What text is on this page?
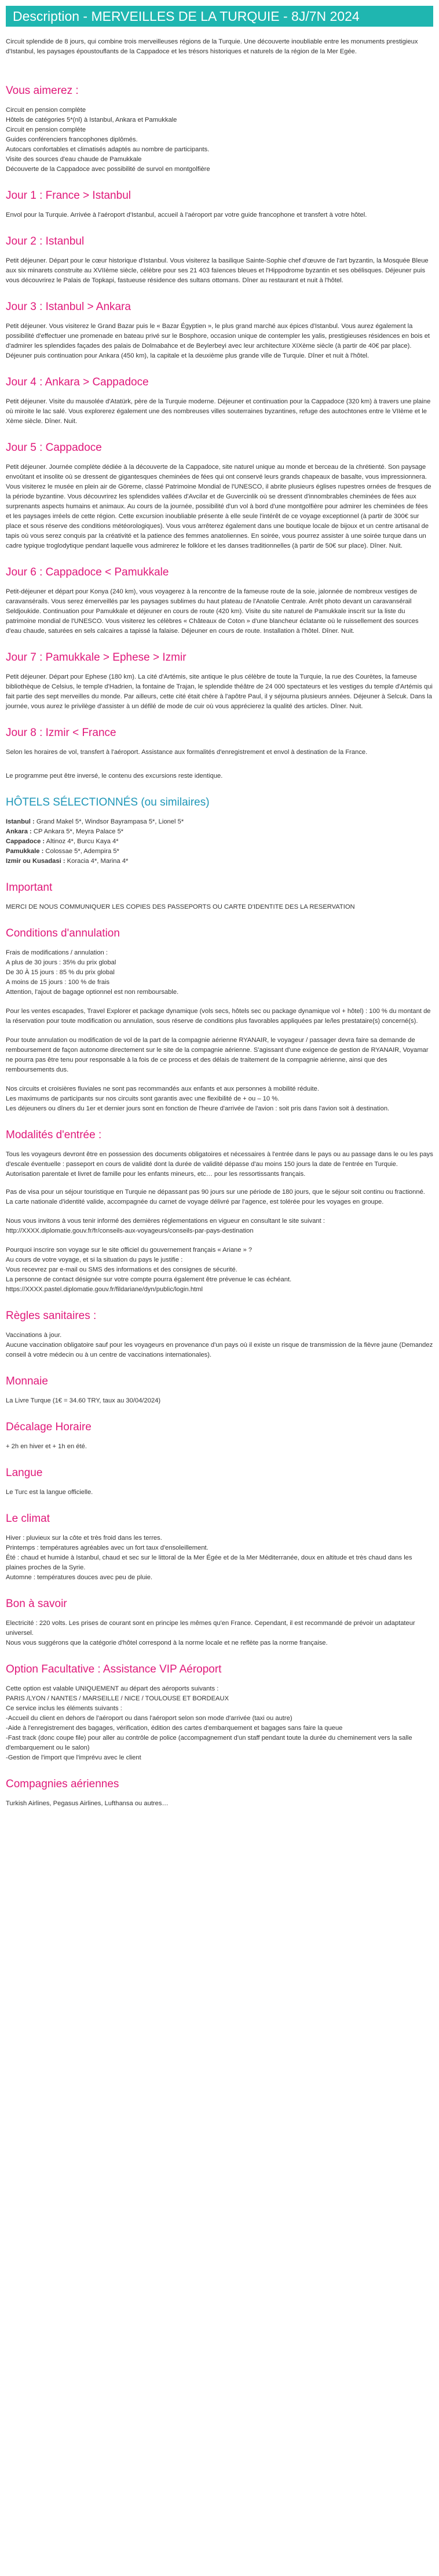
Description - MERVEILLES DE LA TURQUIE - 8J/7N 2024

Circuit splendide de 8 jours, qui combine trois merveilleuses régions de la Turquie. Une découverte inoubliable entre les monuments prestigieux d'Istanbul, les paysages époustouflants de la Cappadoce et les trésors historiques et naturels de la région de la Mer Egée.

Vous aimerez :

Circuit en pension complète

Hôtels de catégories 5*(nl) à Istanbul, Ankara et Pamukkale

Circuit en pension complète

Guides conférenciers francophones diplômés.

Autocars confortables et climatisés adaptés au nombre de participants.

Visite des sources d'eau chaude de Pamukkale

Découverte de la Cappadoce avec possibilité de survol en montgolfière

Jour 1 : France > Istanbul

Envol pour la Turquie. Arrivée à l'aéroport d'Istanbul, accueil à l'aéroport par votre guide francophone et transfert à votre hôtel.

Jour 2 : Istanbul

Petit déjeuner. Départ pour le cœur historique d'Istanbul. Vous visiterez la basilique Sainte-Sophie chef d'œuvre de l'art byzantin, la Mosquée Bleue aux six minarets construite au XVIIème siècle, célèbre pour ses 21 403 faïences bleues et l'Hippodrome byzantin et ses obélisques. Déjeuner puis vous découvrirez le Palais de Topkapi, fastueuse résidence des sultans ottomans. Dîner au restaurant et nuit à l'hôtel.

Jour 3 : Istanbul > Ankara

Petit déjeuner. Vous visiterez le Grand Bazar puis le « Bazar Égyptien », le plus grand marché aux épices d'Istanbul. Vous aurez également la possibilité d'effectuer une promenade en bateau privé sur le Bosphore, occasion unique de contempler les yalis, prestigieuses résidences en bois et d'admirer les splendides façades des palais de Dolmabahce et de Beylerbeyi avec leur architecture XIXème siècle (à partir de 40€ par place). Déjeuner puis continuation pour Ankara (450 km), la capitale et la deuxième plus grande ville de Turquie. Dîner et nuit à l'hôtel.

Jour 4 : Ankara > Cappadoce

Petit déjeuner. Visite du mausolée d'Atatürk, père de la Turquie moderne. Déjeuner et continuation pour la Cappadoce (320 km) à travers une plaine où miroite le lac salé. Vous explorerez également une des nombreuses villes souterraines byzantines, refuge des autochtones entre le VIIème et le Xème siècle. Dîner. Nuit.

Jour 5 : Cappadoce

Petit déjeuner. Journée complète dédiée à la découverte de la Cappadoce, site naturel unique au monde et berceau de la chrétienté. Son paysage envoûtant et insolite où se dressent de gigantesques cheminées de fées qui ont conservé leurs grands chapeaux de basalte, vous impressionnera. Vous visiterez le musée en plein air de Göreme, classé Patrimoine Mondial de l'UNESCO, il abrite plusieurs églises rupestres ornées de fresques de la période byzantine. Vous découvrirez les splendides vallées d'Avcilar et de Guvercinlik où se dressent d'innombrables cheminées de fées aux surprenants aspects humains et animaux. Au cours de la journée, possibilité d'un vol à bord d'une montgolfière pour admirer les cheminées de fées et les paysages irréels de cette région. Cette excursion inoubliable présente à elle seule l'intérêt de ce voyage exceptionnel (à partir de 300€ sur place et sous réserve des conditions météorologiques). Vous vous arrêterez également dans une boutique locale de bijoux et un centre artisanal de tapis où vous serez conquis par la créativité et la patience des femmes anatoliennes. En soirée, vous pourrez assister à une soirée turque dans un cadre typique troglodytique pendant laquelle vous admirerez le folklore et les danses traditionnelles (à partir de 50€ sur place). Dîner. Nuit.

Jour 6 : Cappadoce < Pamukkale

Petit-déjeuner et départ pour Konya (240 km), vous voyagerez à la rencontre de la fameuse route de la soie, jalonnée de nombreux vestiges de caravansérails. Vous serez émerveillés par les paysages sublimes du haut plateau de l'Anatolie Centrale. Arrêt photo devant un caravansérail Seldjoukide. Continuation pour Pamukkale et déjeuner en cours de route (420 km). Visite du site naturel de Pamukkale inscrit sur la liste du patrimoine mondial de l'UNESCO. Vous visiterez les célèbres « Châteaux de Coton » d'une blancheur éclatante où le ruissellement des sources d'eau chaude, saturées en sels calcaires a tapissé la falaise. Déjeuner en cours de route. Installation à l'hôtel. Dîner. Nuit.

Jour 7 : Pamukkale > Ephese > Izmir

Petit déjeuner. Départ pour Ephese (180 km). La cité d'Artémis, site antique le plus célèbre de toute la Turquie, la rue des Courètes, la fameuse bibliothèque de Celsius, le temple d'Hadrien, la fontaine de Trajan, le splendide théâtre de 24 000 spectateurs et les vestiges du temple d'Artémis qui fait partie des sept merveilles du monde. Par ailleurs, cette cité était chère à l'apôtre Paul, il y séjourna plusieurs années. Déjeuner à Selcuk. Dans la journée, vous aurez le privilège d'assister à un défilé de mode de cuir où vous apprécierez la qualité des articles. Dîner. Nuit.

Jour 8 : Izmir < France

Selon les horaires de vol, transfert à l'aéroport. Assistance aux formalités d'enregistrement et envol à destination de la France.

Le programme peut être inversé, le contenu des excursions reste identique.

HÔTELS SÉLECTIONNÉS (ou similaires)

Istanbul : Grand Makel 5*, Windsor Bayrampasa 5*, Lionel 5*

Ankara : CP Ankara 5*, Meyra Palace 5*

Cappadoce : Altinoz 4*, Burcu Kaya 4*

Pamukkale : Colossae 5*, Adempira 5*

Izmir ou Kusadasi : Koracia 4*, Marina 4*

Important

MERCI DE NOUS COMMUNIQUER LES COPIES DES PASSEPORTS OU CARTE D'IDENTITE DES LA RESERVATION

Conditions d'annulation

Frais de modifications / annulation :

A plus de 30 jours : 35% du prix global

De 30 À 15 jours : 85 % du prix global

A moins de 15 jours : 100 % de frais

Attention, l'ajout de bagage optionnel est non remboursable.

Pour les ventes escapades, Travel Explorer et package dynamique (vols secs, hôtels sec ou package dynamique vol + hôtel) : 100 % du montant de la réservation pour toute modification ou annulation, sous réserve de conditions plus favorables appliquées par le/les prestataire(s) concerné(s).

Pour toute annulation ou modification de vol de la part de la compagnie aérienne RYANAIR, le voyageur / passager devra faire sa demande de remboursement de façon autonome directement sur le site de la compagnie aérienne. S'agissant d'une exigence de gestion de RYANAIR, Voyamar ne pourra pas être tenu pour responsable à la fois de ce process et des délais de traitement de la compagnie aérienne, ainsi que des remboursements dus.

Nos circuits et croisières fluviales ne sont pas recommandés aux enfants et aux personnes à mobilité réduite.

Les maximums de participants sur nos circuits sont garantis avec une flexibilité de + ou – 10 %.

Les déjeuners ou dîners du 1er et dernier jours sont en fonction de l'heure d'arrivée de l'avion : soit pris dans l'avion soit à destination.

Modalités d'entrée :

Tous les voyageurs devront être en possession des documents obligatoires et nécessaires à l'entrée dans le pays ou au passage dans le ou les pays d'escale éventuelle : passeport en cours de validité dont la durée de validité dépasse d'au moins 150 jours la date de l'entrée en Turquie. Autorisation parentale et livret de famille pour les enfants mineurs, etc… pour les ressortissants français.

Pas de visa pour un séjour touristique en Turquie ne dépassant pas 90 jours sur une période de 180 jours, que le séjour soit continu ou fractionné.

La carte nationale d'identité valide, accompagnée du carnet de voyage délivré par l'agence, est tolérée pour les voyages en groupe.

Nous vous invitons à vous tenir informé des dernières réglementations en vigueur en consultant le site suivant : http://XXXX.diplomatie.gouv.fr/fr/conseils-aux-voyageurs/conseils-par-pays-destination

Pourquoi inscrire son voyage sur le site officiel du gouvernement français « Ariane » ?

Au cours de votre voyage, et si la situation du pays le justifie :

Vous recevrez par e-mail ou SMS des informations et des consignes de sécurité.

La personne de contact désignée sur votre compte pourra également être prévenue le cas échéant.

https://XXXX.pastel.diplomatie.gouv.fr/fildariane/dyn/public/login.html

Règles sanitaires :

Vaccinations à jour.

Aucune vaccination obligatoire sauf pour les voyageurs en provenance d'un pays où il existe un risque de transmission de la fièvre jaune (Demandez conseil à votre médecin ou à un centre de vaccinations internationales).

Monnaie

La Livre Turque (1€ = 34.60 TRY, taux au 30/04/2024)

Décalage Horaire

+ 2h en hiver et + 1h en été.

Langue

Le Turc est la langue officielle.

Le climat

Hiver : pluvieux sur la côte et très froid dans les terres.

Printemps : températures agréables avec un fort taux d'ensoleillement.

Été : chaud et humide à Istanbul, chaud et sec sur le littoral de la Mer Égée et de la Mer Méditerranée, doux en altitude et très chaud dans les plaines proches de la Syrie.

Automne : températures douces avec peu de pluie.

Bon à savoir

Electricité : 220 volts. Les prises de courant sont en principe les mêmes qu'en France. Cependant, il est recommandé de prévoir un adaptateur universel.

Nous vous suggérons que la catégorie d'hôtel correspond à la norme locale et ne reflète pas la norme française.

Option Facultative : Assistance VIP Aéroport

Cette option est valable UNIQUEMENT au départ des aéroports suivants :

PARIS /LYON / NANTES / MARSEILLE / NICE / TOULOUSE ET BORDEAUX

Ce service inclus les éléments suivants :

-Accueil du client en dehors de l'aéroport ou dans l'aéroport selon son mode d'arrivée (taxi ou autre)

-Aide à l'enregistrement des bagages, vérification, édition des cartes d'embarquement et bagages sans faire la queue

-Fast track (donc coupe file) pour aller au contrôle de police (accompagnement d'un staff pendant toute la durée du cheminement vers la salle d'embarquement ou le salon)

-Gestion de l'import que l'imprévu avec le client

Compagnies aériennes

Turkish Airlines, Pegasus Airlines, Lufthansa ou autres…
